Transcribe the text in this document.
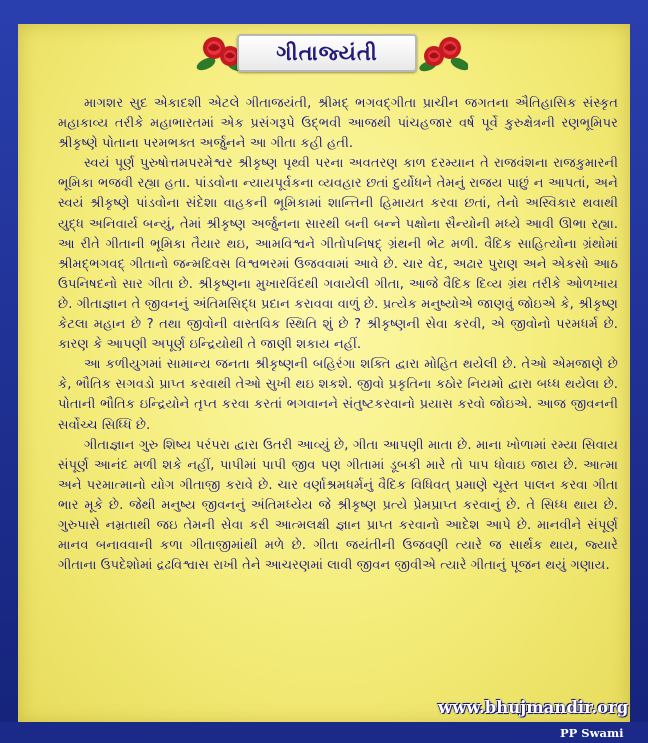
ગીતાજ્યંતી

માગશર સુદ એકાદશી એટલે ગીતાજયંતી, શ્રીમદ્ ભગવદ્ગીતા પ્રાચીન જગતના ઐતિહાસિક સંસ્કૃત મહાકાવ્ય તરીકે મહાભારતમાં એક પ્રસંગરૂપે ઉદ્ભવી આજથી પાંચહજાર વર્ષ પૂર્વે કુરુક્ષેત્રની રણભૂમિપર શ્રીકૃષ્ણે પોતાના પરમભક્ત અર્જુનને આ ગીતા કહી હતી.

સ્વયં પૂર્ણ પુરુષોત્તમપરમેશ્વર શ્રીકૃષ્ણ પૃથ્વી પરના અવતરણ કાળ દરમ્યાન તે રાજવંશના રાજકુમારની ભૂમિકા ભજવી રહ્યા હતા. પાંડવોના ન્યાયપૂર્વકના વ્યવહાર છતાં દુર્યોધને તેમનું રાજય પાછું ન આપતાં, અને સ્વયં શ્રીકૃષ્ણે પાંડવોના સંદેશા વાહકની ભૂમિકામાં શાન્તિની હિમાયત કરવા છતાં, તેનો અસ્વિકાર થવાથી યુદ્ધ અનિવાર્ય બન્યું, તેમાં શ્રીકૃષ્ણ અર્જુનના સારથી બની બન્ને પક્ષોના સૈન્યોની મધ્યે આવી ઊભા રહ્યા. આ રીતે ગીતાની ભૂમિકા તૈયાર થઇ, આમવિશ્વને ગીતોપનિષદ્ ગ્રંથની ભેટ મળી. વૈદિક સાહિત્યોના ગ્રંથોમાં શ્રીમદ્ભગવદ્ ગીતાનો જન્મદિવસ વિશ્વભરમાં ઉજવવામાં આવે છે. ચાર વેદ, અઢાર પુરાણ અને એકસો આઠ ઉપનિષદનો સાર ગીતા છે. શ્રીકૃષ્ણના મુખારવિંદથી ગવાયેલી ગીતા, આજે વૈદિક દિવ્ય ગ્રંથ તરીકે ઓળખાય છે. ગીતાજ્ઞાન તે જીવનનું અંતિમસિદ્ધ પ્રદાન કરાવવા વાળું છે. પ્રત્યેક મનુષ્યોએ જાણવું જોઇએ કે, શ્રીકૃષ્ણ કેટલા મહાન છે ? તથા જીવોની વાસ્તવિક સ્થિતિ શું છે ? શ્રીકૃષ્ણની સેવા કરવી, એ જીવોનો પરમધર્મ છે. કારણ કે આપણી અપૂર્ણ ઇન્દ્રિયોથી તે જાણી શકાય નહીં.

આ કળીયુગમાં સામાન્ય જનતા શ્રીકૃષ્ણની બહિરંગા શક્તિ દ્વારા મોહિત થયેલી છે. તેઓ એમજાણે છે કે, ભૌતિક સગવડો પ્રાપ્ત કરવાથી તેઓ સુખી થઇ શકશે. જીવો પ્રકૃતિના કઠોર નિયમો દ્વારા બધ્ધ થયેલા છે. પોતાની ભૌતિક ઇન્દ્રિયોને તૃપ્ત કરવા કરતાં ભગવાનને સંતુષ્ટકરવાનો પ્રયાસ કરવો જોઇએ. આજ જીવનની સર્વોચ્ચ સિધ્ધિ છે.

ગીતાજ્ઞાન ગુરુ શિષ્ય પરંપરા દ્વારા ઉતરી આવ્યું છે, ગીતા આપણી માતા છે. માના ખોળામાં રમ્યા સિવાય સંપૂર્ણ આનંદ મળી શકે નહીં, પાપીમાં પાપી જીવ પણ ગીતામાં ડૂબકી મારે તો પાપ ધોવાઇ જાય છે. આત્મા અને પરમાત્માનો યોગ ગીતાજી કરાવે છે. ચાર વર્ણાશ્રમધર્મનું વૈદિક વિધિવત્ પ્રમાણે ચૂસ્ત પાલન કરવા ગીતા ભાર મૂકે છે. જેથી મનુષ્ય જીવનનું અંતિમધ્યેય જે શ્રીકૃષ્ણ પ્રત્યે પ્રેમપ્રાપ્ત કરવાનું છે. તે સિધ્ધ થાય છે. ગુરુપાસે નમ્રતાથી જઇ તેમની સેવા કરી આત્મલક્ષી જ્ઞાન પ્રાપ્ત કરવાનો આદેશ આપે છે. માનવીને સંપૂર્ણ માનવ બનાવવાની કળા ગીતાજીમાંથી મળે છે. ગીતા જયંતીની ઉજવણી ત્યારે જ સાર્થક થાય, જ્યારે ગીતાના ઉપદેશોમાં દ્રઢવિશ્વાસ રાખી તેને આચરણમાં લાવી જીવન જીવીએ ત્યારે ગીતાનું પૂજન થયું ગણાય.

www.bhujmandir.org
PP Swami
